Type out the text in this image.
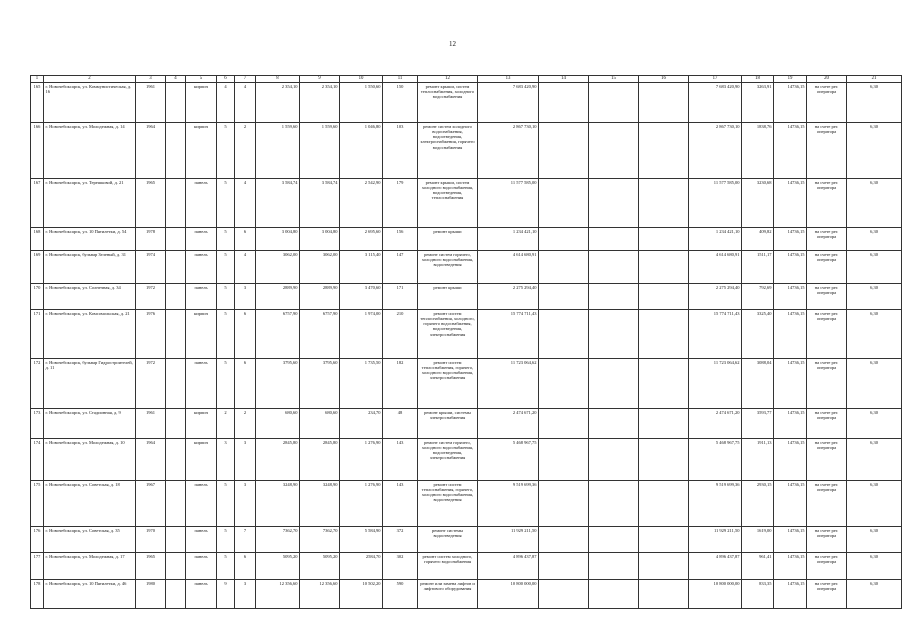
12
1	2	3	4	5	6	7	8	9	10	11	12	13	14	15	16	17	18	19	20	21
165	г. Новочебоксарск, ул. Коммунистическая, д. 16	1961		кирпич	4	4	2 354,10	2 354,10	1 550,60	150	ремонт крыши, систем теплоснабжения, холодного водоснабжения	7 683 420,90				7 683 420,90	3263,91	14736,15	на счете рег. оператора	6,30
166	г. Новочебоксарск, ул. Молодежная, д. 14	1964		кирпич	5	2	1 559,60	1 559,60	1 046,80	103	ремонт систем холодного водоснабжения, водоотведения, электроснабжения, горячего водоснабжения	2 867 730,10				2 867 730,10	1838,76	14736,15	на счете рег. оператора	6,30
167	г. Новочебоксарск, ул. Терешковой, д. 21	1965		панель	5	4	3 584,74	3 584,74	2 542,90	179	ремонт крыши, систем холодного водоснабжения, водоотведения, теплоснабжения	11 577 585,00				11 577 585,00	3230,68	14736,15	на счете рег. оператора	6,30
168	г. Новочебоксарск, ул. 10 Пятилетки, д. 54	1978		панель	5	6	3 004,80	3 004,80	2 695,60	156	ремонт крыши	1 234 421,10				1 234 421,10	409,82	14736,15	на счете рег. оператора	6,30
169	г. Новочебоксарск, бульвар Зеленый, д. 31	1974		панель	5	4	3062,00	3062,00	3 115,40	147	ремонт систем горячего, холодного водоснабжения, водоотведения	4 614 680,91				4 614 680,91	1511,17	14736,15	на счете рег. оператора	6,30
170	г. Новочебоксарск, ул. Солнечная, д. 34	1972		панель	5	3	2889,90	2889,90	3 470,60	171	ремонт крыши	2 275 294,40				2 275 294,40	792,69	14736,15	на счете рег. оператора	6,30
171	г. Новочебоксарск, ул. Комсомольская, д. 21	1976		кирпич	5	6	6757,90	6757,90	1 974,00	210	ремонт систем теплоснабжения, холодного, горячего водоснабжения, водоотведения, электроснабжения	15 774 711,43				15 774 711,43	3325,40	14736,15	на счете рег. оператора	6,30
172	г. Новочебоксарск, бульвар Гидростроителей, д. 11	1972		панель	5	6	3795,60	3795,60	1 735,50	182	ремонт систем теплоснабжения, горячего, холодного водоснабжения, электроснабжения	11 723 064,62				11 723 064,62	3088,04	14736,15	на счете рег. оператора	6,30
173	г. Новочебоксарск, ул. Стадионная, д. 9	1961		кирпич	2	2	680,60	680,60	234,70	48	ремонт крыши, системы электроснабжения	2 474 671,20				2 474 671,20	3593,77	14736,15	на счете рег. оператора	6,30
174	г. Новочебоксарск, ул. Молодежная, д. 10	1964		кирпич	3	3	2845,80	2845,80	1 276,90	143	ремонт систем горячего, холодного водоснабжения, водоотведения, электроснабжения	5 468 967,75				5 468 967,75	1911,13	14736,15	на счете рег. оператора	6,30
175	г. Новочебоксарск, ул. Советская, д. 18	1967		панель	5	3	3248,90	3248,90	1 276,90	143	ремонт систем теплоснабжения, горячего, холодного водоснабжения, водоотведения	9 519 699,36				9 519 699,36	2930,15	14736,15	на счете рег. оператора	6,30
176	г. Новочебоксарск, ул. Советская, д. 35	1970		панель	5	7	7362,70	7362,70	5 584,90	372	ремонт системы водоотведения	11 929 211,50				11 929 211,50	1619,00	14736,15	на счете рег. оператора	6,30
177	г. Новочебоксарск, ул. Молодежная, д. 17	1965		панель	5	6	5095,20	5095,20	2584,70	302	ремонт систем холодного, горячего водоснабжения	4 896 437,87				4 896 437,87	961,41	14736,15	на счете рег. оператора	6,30
178	г. Новочебоксарск, ул. 10 Пятилетки, д. 46	1980		панель	9	3	12 356,60	12 356,60	10 502,20	590	ремонт или замена лифтов и лифтового оборудования	10 800 000,00				10 800 000,00	833,35	14736,15	на счете рег. оператора	6,30
